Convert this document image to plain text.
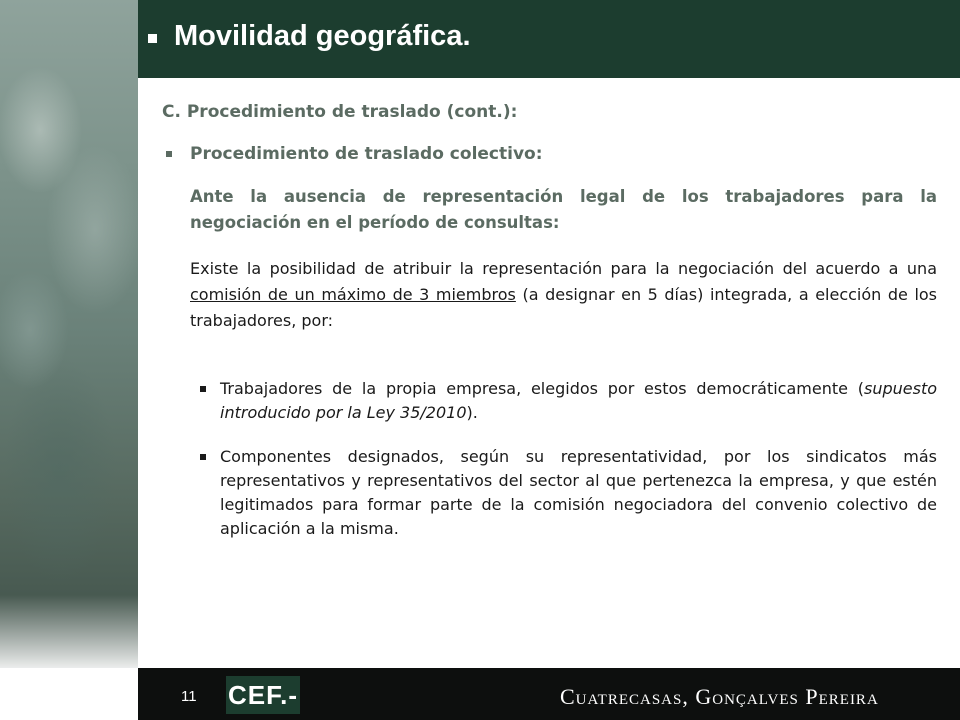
Movilidad geográfica.
C. Procedimiento de traslado (cont.):
Procedimiento de traslado colectivo:
Ante la ausencia de representación legal de los trabajadores para la negociación en el período de consultas:
Existe la posibilidad de atribuir la representación para la negociación del acuerdo a una comisión de un máximo de 3 miembros (a designar en 5 días) integrada, a elección de los trabajadores, por:
Trabajadores de la propia empresa, elegidos por estos democráticamente (supuesto introducido por la Ley 35/2010).
Componentes designados, según su representatividad, por los sindicatos más representativos y representativos del sector al que pertenezca la empresa, y que estén legitimados para formar parte de la comisión negociadora del convenio colectivo de aplicación a la misma.
11 CEF.-	Cuatrecasas, Gonçalves Pereira
